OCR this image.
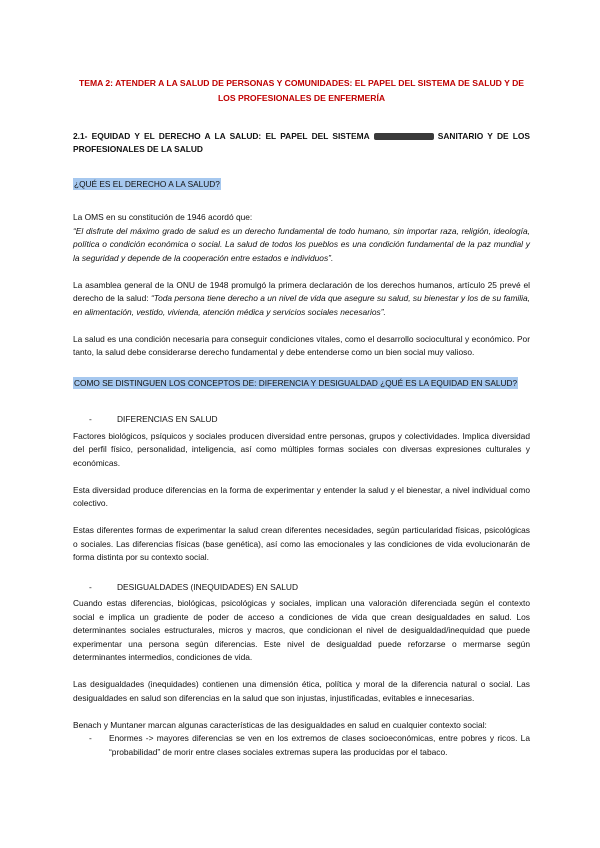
TEMA 2: ATENDER A LA SALUD DE PERSONAS Y COMUNIDADES: EL PAPEL DEL SISTEMA DE SALUD Y DE LOS PROFESIONALES DE ENFERMERÍA
2.1- EQUIDAD Y EL DERECHO A LA SALUD: EL PAPEL DEL SISTEMA	SANITARIO Y DE LOS PROFESIONALES DE LA SALUD
¿QUÉ ES EL DERECHO A LA SALUD?

La OMS en su constitución de 1946 acordó que:

“El disfrute del máximo grado de salud es un derecho fundamental de todo humano, sin importar raza, religión, ideología, política o condición económica o social. La salud de todos los pueblos es una condición fundamental de la paz mundial y la seguridad y depende de la cooperación entre estados e individuos”.

La asamblea general de la ONU de 1948 promulgó la primera declaración de los derechos humanos, artículo 25 prevé el derecho de la salud: “Toda persona tiene derecho a un nivel de vida que asegure su salud, su bienestar y los de su familia, en alimentación, vestido, vivienda, atención médica y servicios sociales necesarios”.

La salud es una condición necesaria para conseguir condiciones vitales, como el desarrollo sociocultural y económico. Por tanto, la salud debe considerarse derecho fundamental y debe entenderse como un bien social muy valioso.

COMO SE DISTINGUEN LOS CONCEPTOS DE: DIFERENCIA Y DESIGUALDAD ¿QUÉ ES LA EQUIDAD EN SALUD?
-	DIFERENCIAS EN SALUD

Factores biológicos, psíquicos y sociales producen diversidad entre personas, grupos y colectividades. Implica diversidad del perfil físico, personalidad, inteligencia, así como múltiples formas sociales con diversas expresiones culturales y económicas.

Esta diversidad produce diferencias en la forma de experimentar y entender la salud y el bienestar, a nivel individual como colectivo.

Estas diferentes formas de experimentar la salud crean diferentes necesidades, según particularidad físicas, psicológicas o sociales. Las diferencias físicas (base genética), así como las emocionales y las condiciones de vida evolucionarán de forma distinta por su contexto social.

-	DESIGUALDADES (INEQUIDADES) EN SALUD

Cuando estas diferencias, biológicas, psicológicas y sociales, implican una valoración diferenciada según el contexto social e implica un gradiente de poder de acceso a condiciones de vida que crean desigualdades en salud. Los determinantes sociales estructurales, micros y macros, que condicionan el nivel de desigualdad/inequidad que puede experimentar una persona según diferencias. Este nivel de desigualdad puede reforzarse o mermarse según determinantes intermedios, condiciones de vida.

Las desigualdades (inequidades) contienen una dimensión ética, política y moral de la diferencia natural o social. Las desigualdades en salud son diferencias en la salud que son injustas, injustificadas, evitables e innecesarias.

Benach y Muntaner marcan algunas características de las desigualdades en salud en cualquier contexto social:

-	Enormes -> mayores diferencias se ven en los extremos de clases socioeconómicas, entre pobres y ricos. La “probabilidad” de morir entre clases sociales extremas supera las producidas por el tabaco.
